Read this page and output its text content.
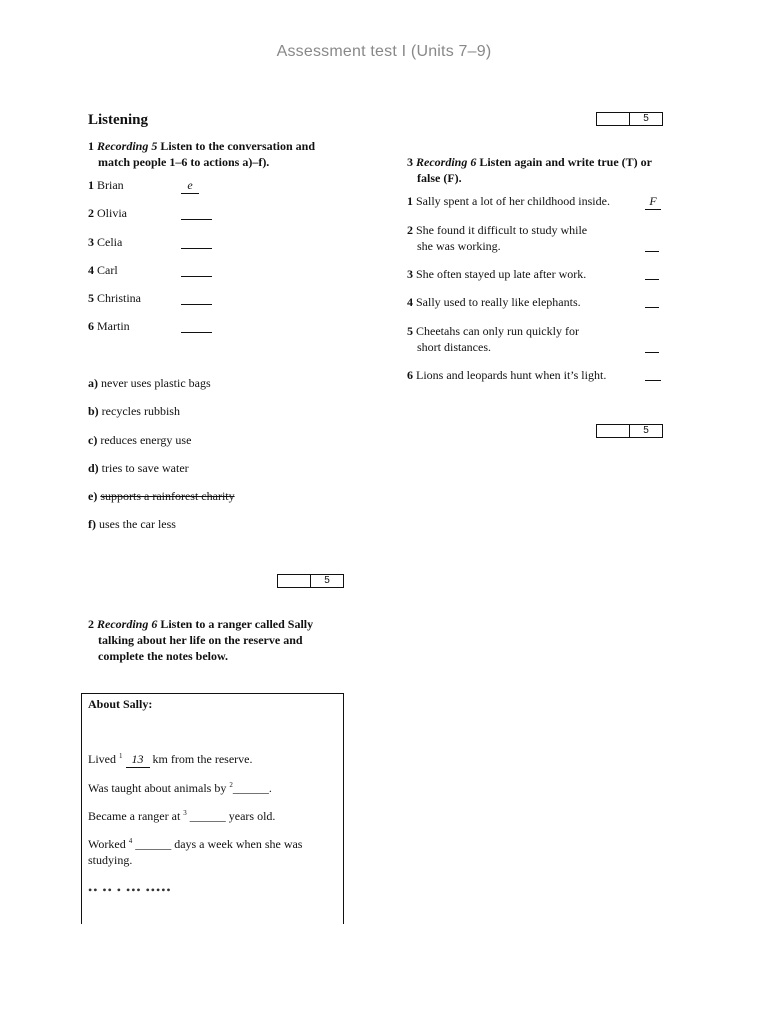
Assessment test I (Units 7–9)
Listening	5
5
5
1 Recording 5 Listen to the conversation and
match people 1–6 to actions a)–f).
1 Brian	e
2 Olivia
3 Celia
4 Carl
5 Christina
6 Martin
a) never uses plastic bags
b) recycles rubbish
c) reduces energy use
d) tries to save water
e) supports a rainforest charity
f) uses the car less
2 Recording 6 Listen to a ranger called Sally
talking about her life on the reserve and
complete the notes below.
About Sally:
Lived $^1$ 13 km from the reserve.
Was taught about animals by $^2$______.
Became a ranger at $^3$ ______ years old.
Worked $^4$ ______ days a week when she was
studying.
•• •• • ••• •••••
3 Recording 6 Listen again and write true (T) or
false (F).
1 Sally spent a lot of her childhood inside.	F
2 She found it difficult to study while
she was working.
3 She often stayed up late after work.
4 Sally used to really like elephants.
5 Cheetahs can only run quickly for
short distances.
6 Lions and leopards hunt when it’s light.
